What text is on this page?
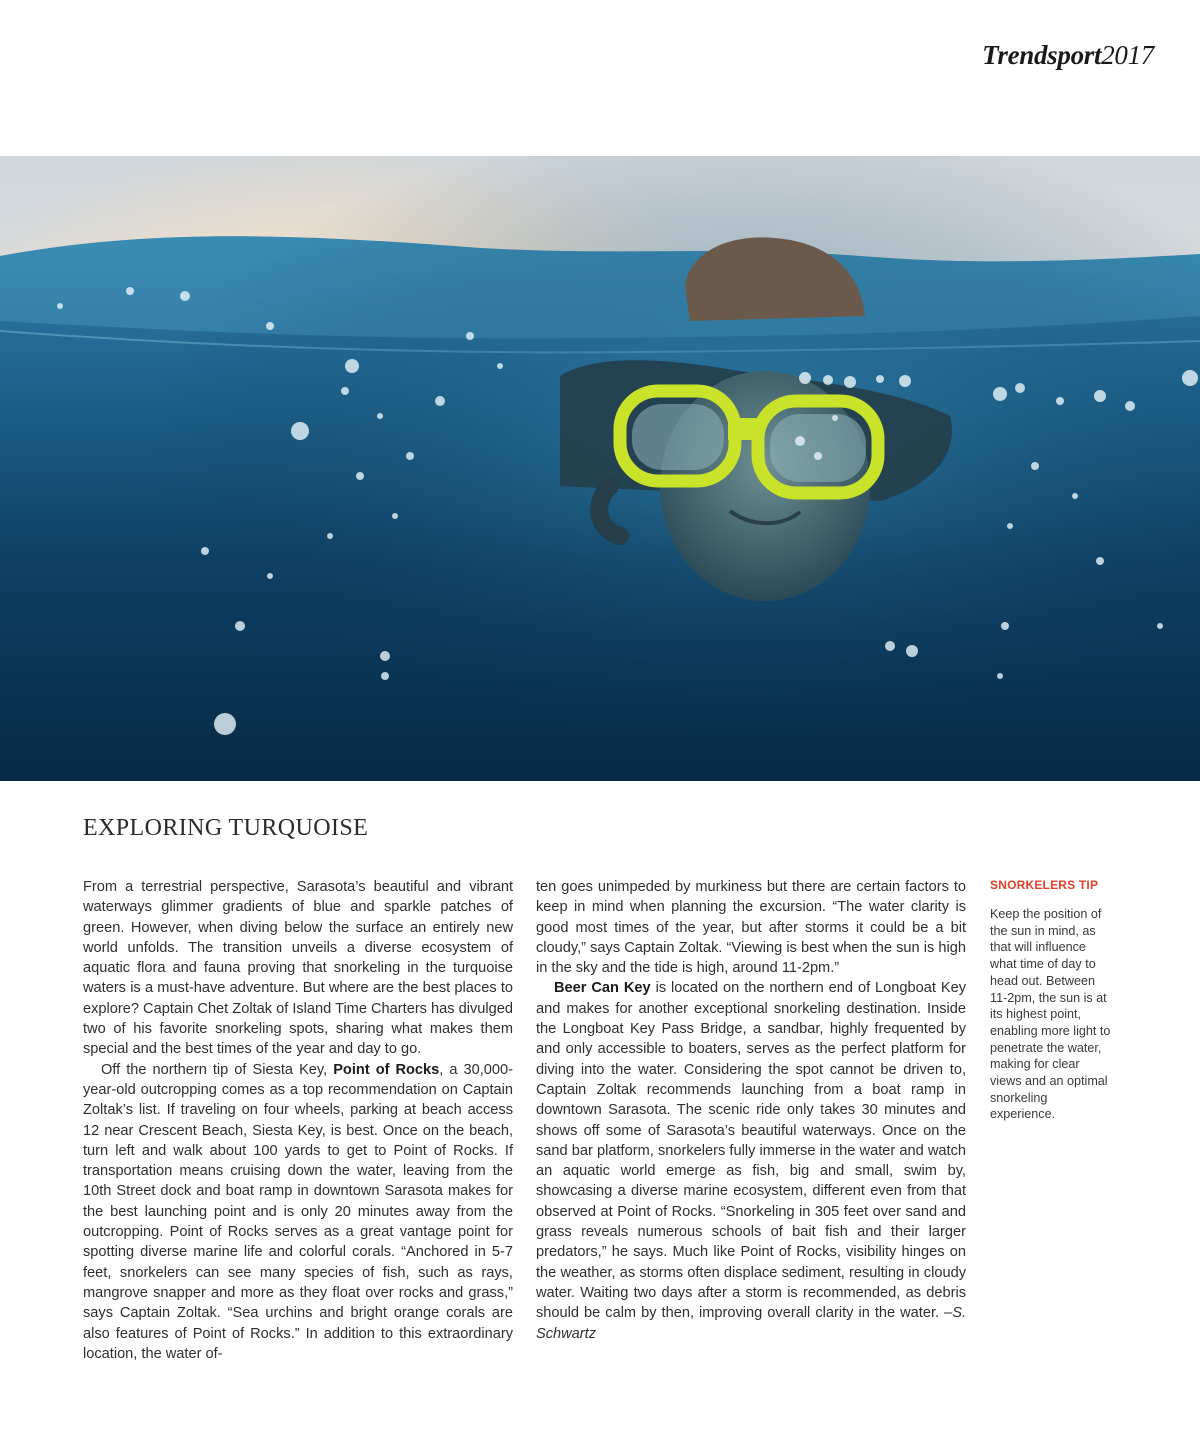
Trendsport2017
EXPLORING TURQUOISE

From a terrestrial perspective, Sarasota’s beautiful and vibrant waterways glimmer gradients of blue and sparkle patches of green. However, when diving below the surface an entirely new world unfolds. The transition unveils a diverse ecosystem of aquatic flora and fauna proving that snorkeling in the turquoise waters is a must-have adventure. But where are the best places to explore? Captain Chet Zoltak of Island Time Charters has divulged two of his favorite snorkeling spots, sharing what makes them special and the best times of the year and day to go.

Off the northern tip of Siesta Key, Point of Rocks, a 30,000-year-old outcropping comes as a top recommendation on Captain Zoltak’s list. If traveling on four wheels, parking at beach access 12 near Crescent Beach, Siesta Key, is best. Once on the beach, turn left and walk about 100 yards to get to Point of Rocks. If transportation means cruising down the water, leaving from the 10th Street dock and boat ramp in downtown Sarasota makes for the best launching point and is only 20 minutes away from the outcropping. Point of Rocks serves as a great vantage point for spotting diverse marine life and colorful corals. “Anchored in 5-7 feet, snorkelers can see many species of fish, such as rays, mangrove snapper and more as they float over rocks and grass,” says Captain Zoltak. “Sea urchins and bright orange corals are also features of Point of Rocks.” In addition to this extraordinary location, the water of-

ten goes unimpeded by murkiness but there are certain factors to keep in mind when planning the excursion. “The water clarity is good most times of the year, but after storms it could be a bit cloudy,” says Captain Zoltak. “Viewing is best when the sun is high in the sky and the tide is high, around 11-2pm.”

Beer Can Key is located on the northern end of Longboat Key and makes for another exceptional snorkeling destination. Inside the Longboat Key Pass Bridge, a sandbar, highly frequented by and only accessible to boaters, serves as the perfect platform for diving into the water. Considering the spot cannot be driven to, Captain Zoltak recommends launching from a boat ramp in downtown Sarasota. The scenic ride only takes 30 minutes and shows off some of Sarasota’s beautiful waterways. Once on the sand bar platform, snorkelers fully immerse in the water and watch an aquatic world emerge as fish, big and small, swim by, showcasing a diverse marine ecosystem, different even from that observed at Point of Rocks. “Snorkeling in 305 feet over sand and grass reveals numerous schools of bait fish and their larger predators,” he says. Much like Point of Rocks, visibility hinges on the weather, as storms often displace sediment, resulting in cloudy water. Waiting two days after a storm is recommended, as debris should be calm by then, improving overall clarity in the water. –S. Schwartz

SNORKELERS TIP

Keep the position of the sun in mind, as that will influence what time of day to head out. Between 11-2pm, the sun is at its highest point, enabling more light to penetrate the water, making for clear views and an optimal snorkeling experience.
